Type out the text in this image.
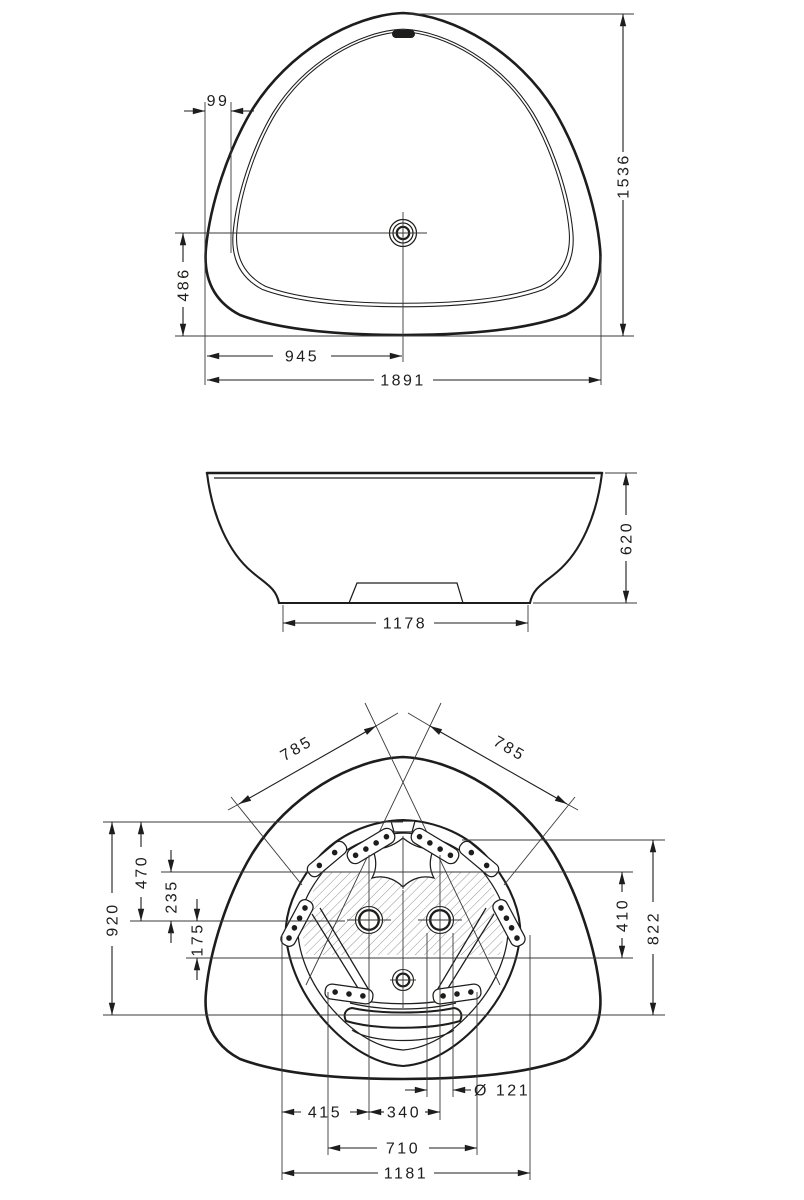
99
1536
486
945
1891
620
1178
785	785
920
470
235
175
410 822
Ø 121
415	340
710
1181
